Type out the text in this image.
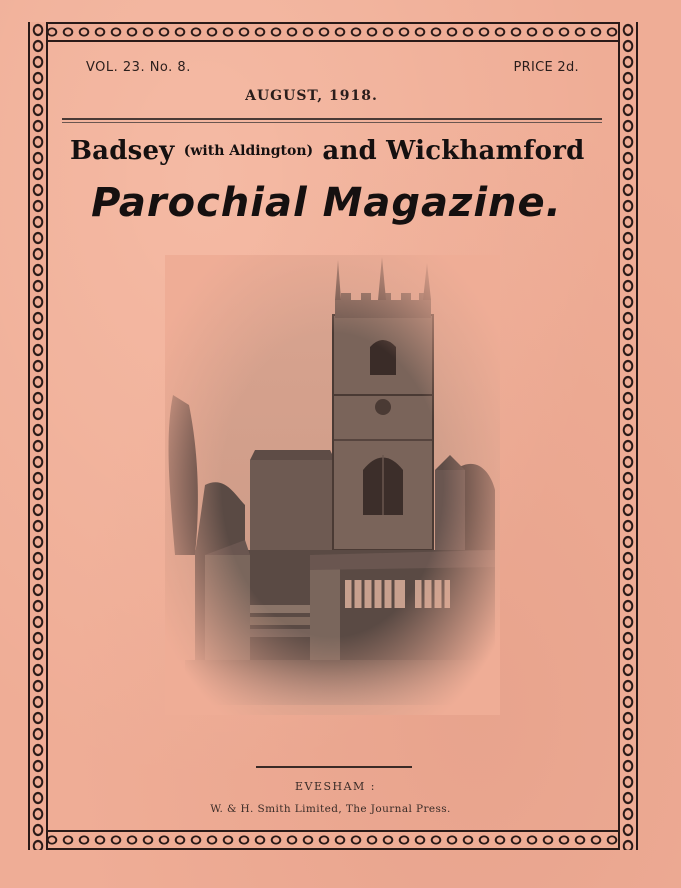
VOL. 23. No. 8.	PRICE 2d.
AUGUST, 1918.
Badsey (with Aldington) and Wickhamford
Parochial Magazine.
EVESHAM :
W. & H. Smith Limited, The Journal Press.
